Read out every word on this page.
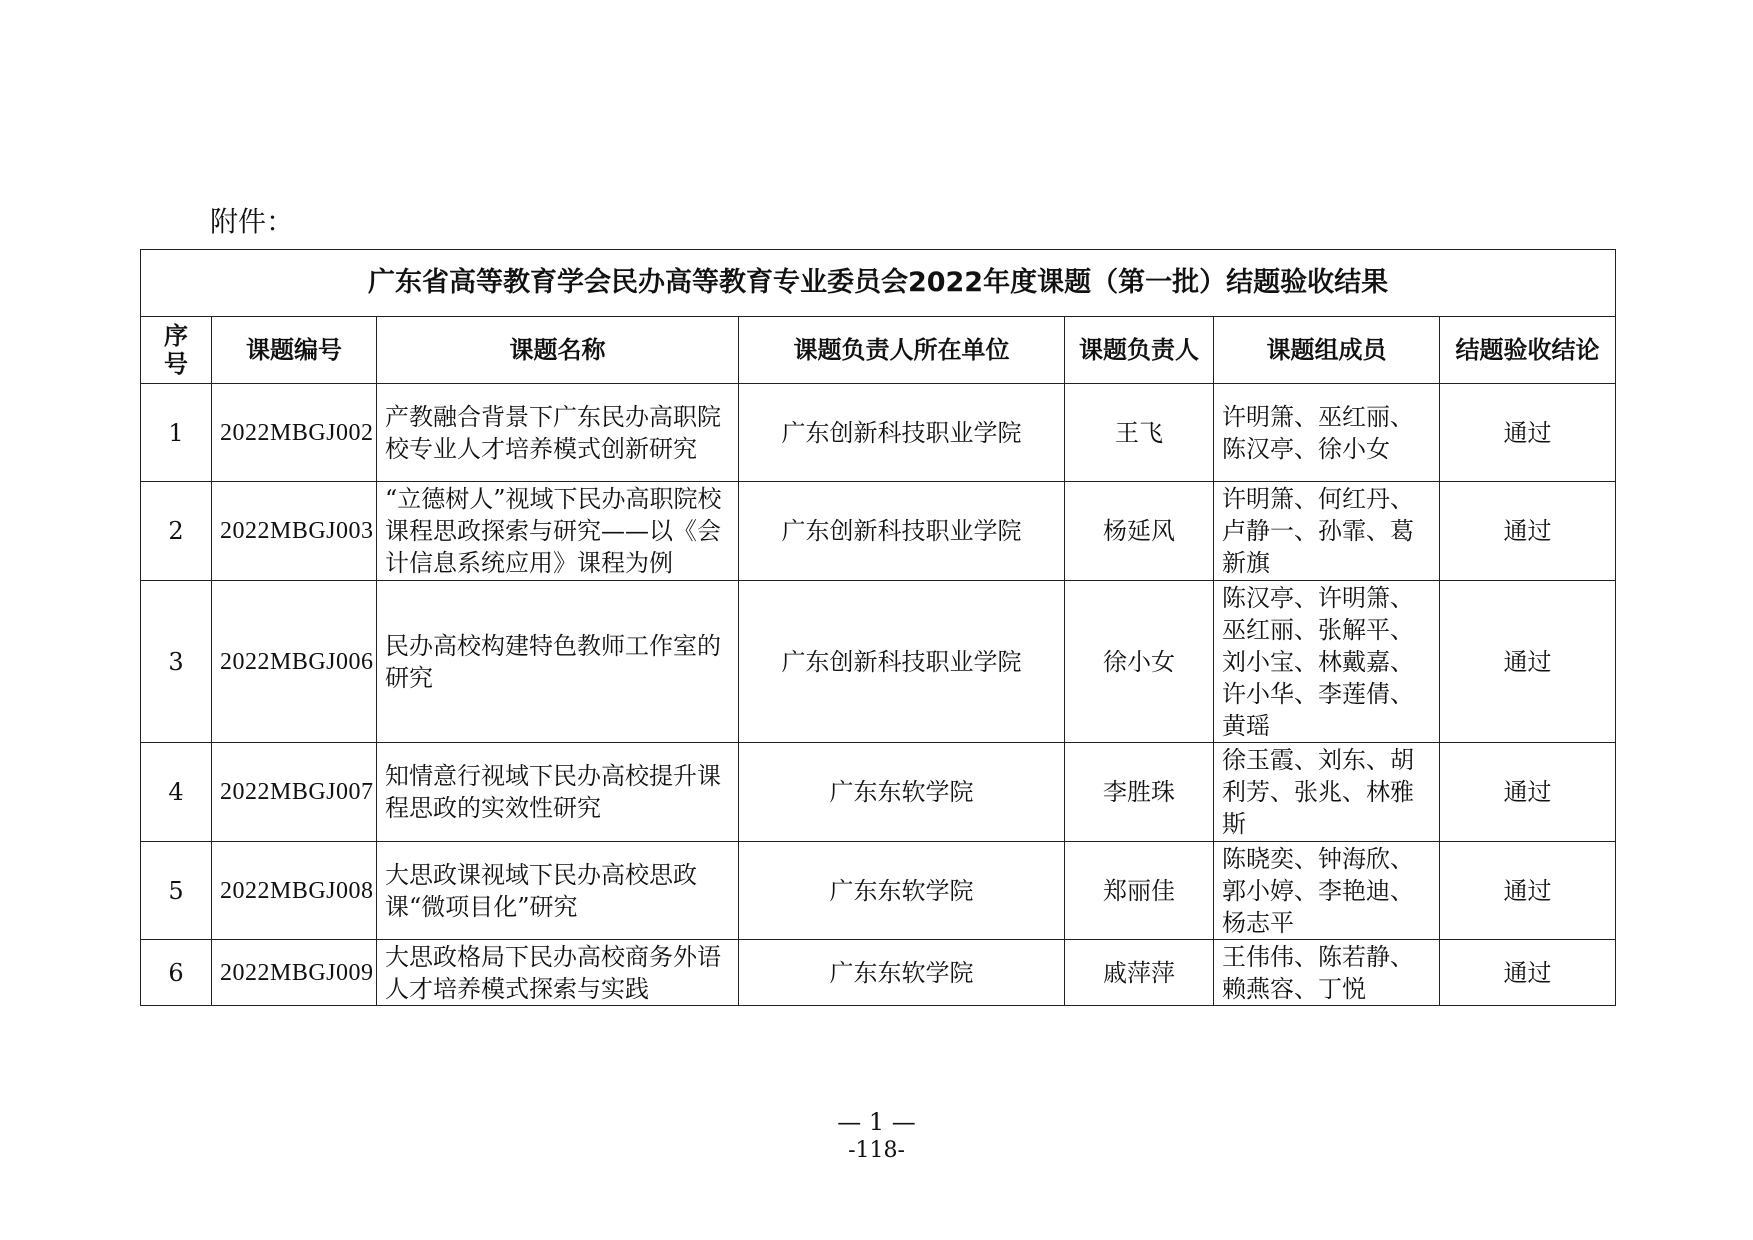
附件：
广东省高等教育学会民办高等教育专业委员会2022年度课题（第一批）结题验收结果						
序
号	课题编号	课题名称	课题负责人所在单位	课题负责人	课题组成员	结题验收结论
1	2022MBGJ002	产教融合背景下广东民办高职院校专业人才培养模式创新研究	广东创新科技职业学院	王飞	许明箫、巫红丽、陈汉亭、徐小女	通过
2	2022MBGJ003	“立德树人”视域下民办高职院校课程思政探索与研究——以《会计信息系统应用》课程为例	广东创新科技职业学院	杨延风	许明箫、何红丹、卢静一、孙霏、葛新旗	通过
3	2022MBGJ006	民办高校构建特色教师工作室的研究	广东创新科技职业学院	徐小女	陈汉亭、许明箫、巫红丽、张解平、刘小宝、林戴嘉、许小华、李莲倩、黄瑶	通过
4	2022MBGJ007	知情意行视域下民办高校提升课程思政的实效性研究	广东东软学院	李胜珠	徐玉霞、刘东、胡利芳、张兆、林雅斯	通过
5	2022MBGJ008	大思政课视域下民办高校思政课“微项目化”研究	广东东软学院	郑丽佳	陈晓奕、钟海欣、郭小婷、李艳迪、杨志平	通过
6	2022MBGJ009	大思政格局下民办高校商务外语人才培养模式探索与实践	广东东软学院	戚萍萍	王伟伟、陈若静、赖燕容、丁悦	通过
— 1 —
-118-
